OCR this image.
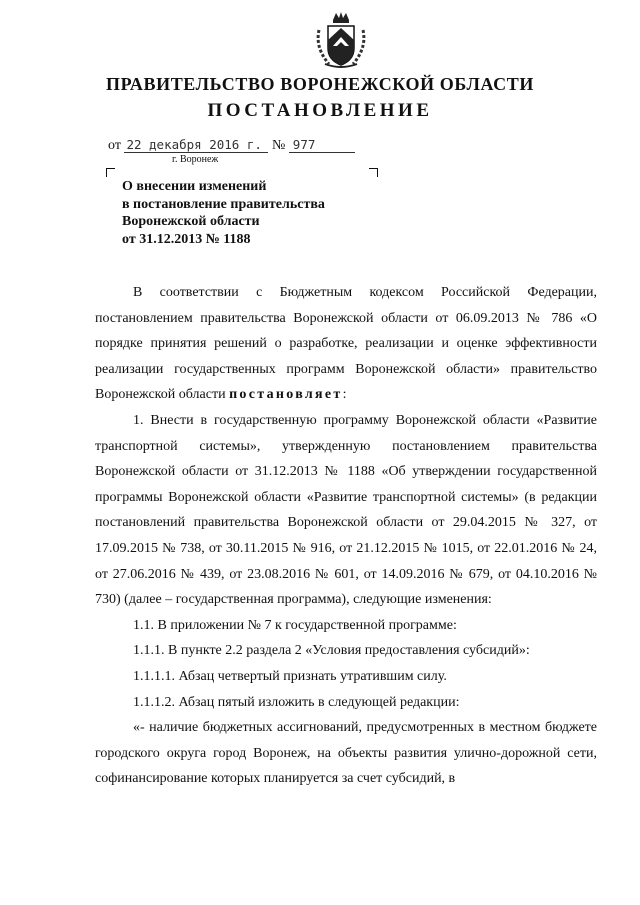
ПРАВИТЕЛЬСТВО ВОРОНЕЖСКОЙ ОБЛАСТИ
ПОСТАНОВЛЕНИЕ
от 22 декабря 2016 г. № 977
г. Воронеж
О внесении изменений
в постановление правительства
Воронежской области
от 31.12.2013 № 1188

В соответствии с Бюджетным кодексом Российской Федерации, постановлением правительства Воронежской области от 06.09.2013 № 786 «О порядке принятия решений о разработке, реализации и оценке эффективности реализации государственных программ Воронежской области» правительство Воронежской области постановляет:

1. Внести в государственную программу Воронежской области «Развитие транспортной системы», утвержденную постановлением правительства Воронежской области от 31.12.2013 № 1188 «Об утверждении государственной программы Воронежской области «Развитие транспортной системы» (в редакции постановлений правительства Воронежской области от 29.04.2015 № 327, от 17.09.2015 № 738, от 30.11.2015 № 916, от 21.12.2015 № 1015, от 22.01.2016 № 24, от 27.06.2016 № 439, от 23.08.2016 № 601, от 14.09.2016 № 679, от 04.10.2016 № 730) (далее – государственная программа), следующие изменения:

1.1. В приложении № 7 к государственной программе:

1.1.1. В пункте 2.2 раздела 2 «Условия предоставления субсидий»:

1.1.1.1. Абзац четвертый признать утратившим силу.

1.1.1.2. Абзац пятый изложить в следующей редакции:

«- наличие бюджетных ассигнований, предусмотренных в местном бюджете городского округа город Воронеж, на объекты развития улично-дорожной сети, софинансирование которых планируется за счет субсидий, в
